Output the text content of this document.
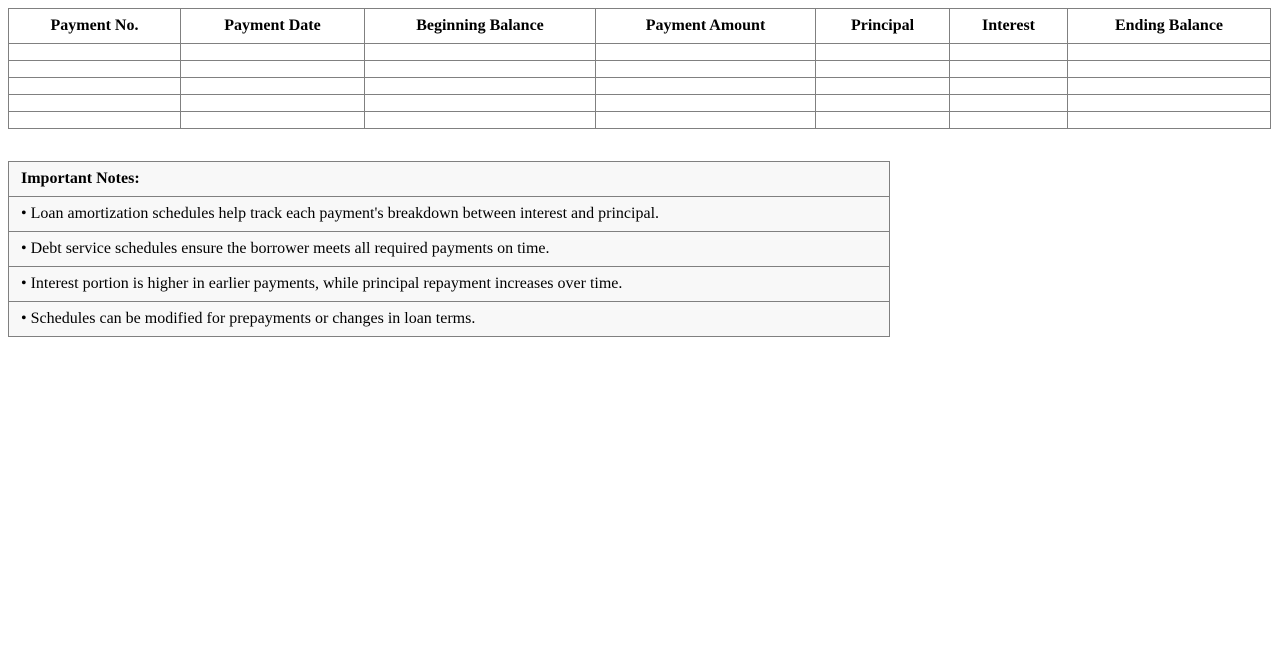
Payment No.	Payment Date	Beginning Balance	Payment Amount	Principal	Interest	Ending Balance

Important Notes:
• Loan amortization schedules help track each payment's breakdown between interest and principal.
• Debt service schedules ensure the borrower meets all required payments on time.
• Interest portion is higher in earlier payments, while principal repayment increases over time.
• Schedules can be modified for prepayments or changes in loan terms.
